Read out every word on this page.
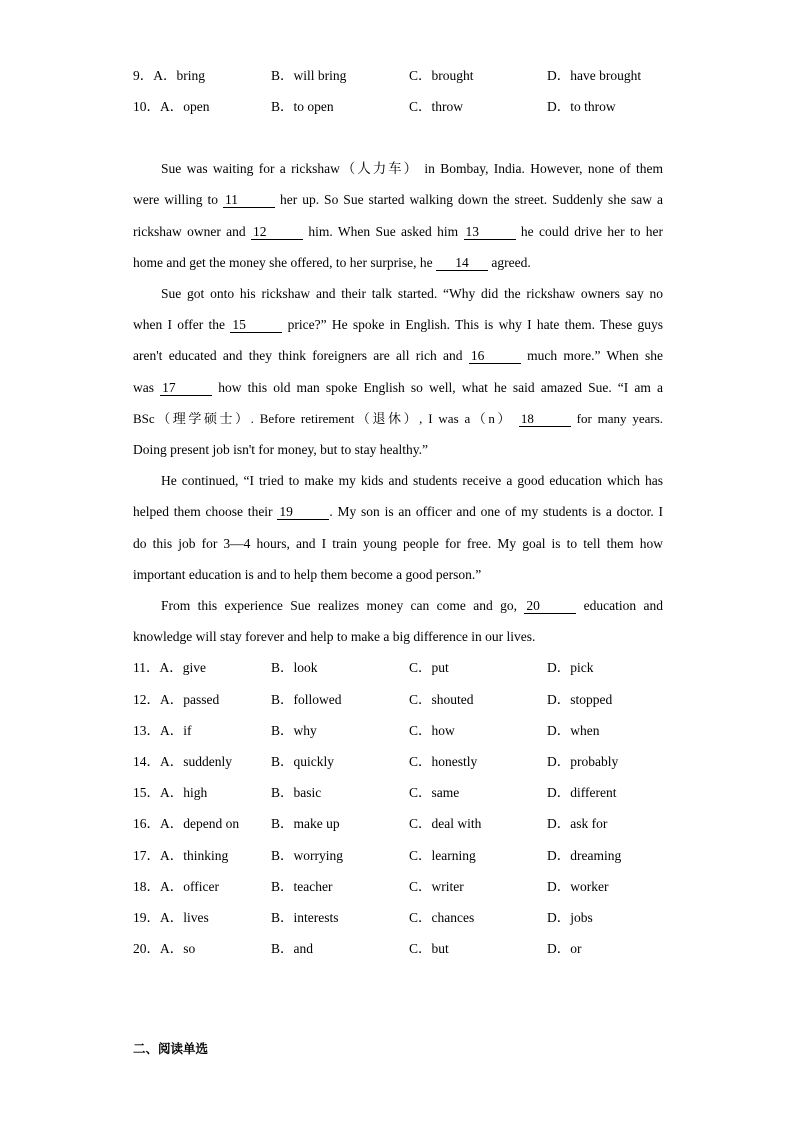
9．A．bring	B．will bring	C．brought	D．have brought
10．A．open	B．to open	C．throw	D．to throw
Sue was waiting for a rickshaw（人力车） in Bombay, India. However, none of them
were willing to 11	her up. So Sue started walking down the street. Suddenly she saw a
rickshaw owner and 12	him. When Sue asked him 13	he could drive her to her
home and get the money she offered, to her surprise, he 14 agreed.
Sue got onto his rickshaw and their talk started. “Why did the rickshaw owners say no
when I offer the 15	price?” He spoke in English. This is why I hate them. These guys
aren't educated and they think foreigners are all rich and 16	much more.” When she
was 17	how this old man spoke English so well, what he said amazed Sue. “I am a
BSc（理学硕士）. Before retirement（退休）, I was a（n） 18	for many years.
Doing present job isn't for money, but to stay healthy.”
He continued, “I tried to make my kids and students receive a good education which has
helped them choose their 19	. My son is an officer and one of my students is a doctor. I
do this job for 3—4 hours, and I train young people for free. My goal is to tell them how
important education is and to help them become a good person.”
From this experience Sue realizes money can come and go, 20	education and
knowledge will stay forever and help to make a big difference in our lives.
11．A．give	B．look	C．put	D．pick
12．A．passed	B．followed	C．shouted	D．stopped
13．A．if	B．why	C．how	D．when
14．A．suddenly	B．quickly	C．honestly	D．probably
15．A．high	B．basic	C．same	D．different
16．A．depend on B．make up	C．deal with	D．ask for
17．A．thinking	B．worrying	C．learning	D．dreaming
18．A．officer	B．teacher	C．writer	D．worker
19．A．lives	B．interests	C．chances	D．jobs
20．A．so	B．and	C．but	D．or
二、阅读单选
